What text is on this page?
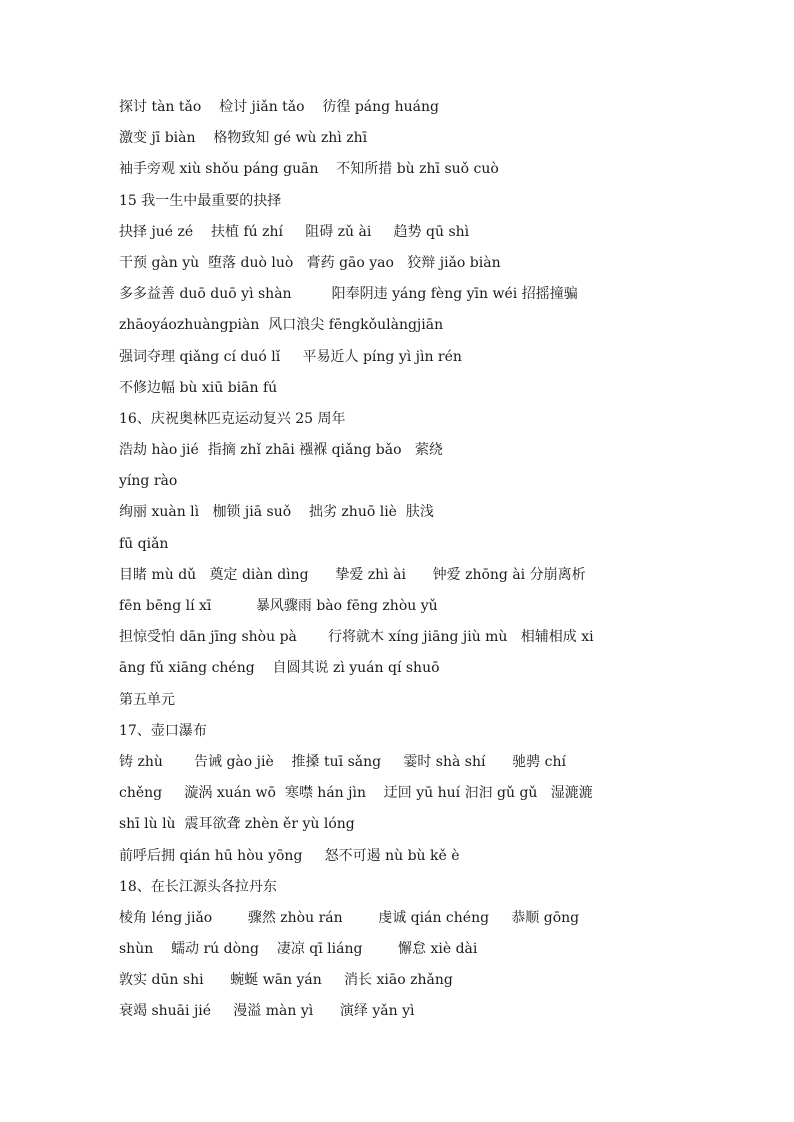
探讨 tàn tǎo    检讨 jiǎn tǎo    彷徨 páng huáng
激变 jī biàn    格物致知 gé wù zhì zhī
袖手旁观 xiù shǒu páng guān    不知所措 bù zhī suǒ cuò
15 我一生中最重要的抉择
抉择 jué zé    扶植 fú zhí     阻碍 zǔ ài     趋势 qū shì
干预 gàn yù  堕落 duò luò   膏药 gāo yao   狡辩 jiǎo biàn
多多益善 duō duō yì shàn         阳奉阴违 yáng fèng yīn wéi 招摇撞骗
zhāoyáozhuàngpiàn  风口浪尖 fēngkǒulàngjiān
强词夺理 qiǎng cí duó lǐ     平易近人 píng yì jìn rén
不修边幅 bù xiū biān fú
16、庆祝奥林匹克运动复兴 25 周年
浩劫 hào jié  指摘 zhǐ zhāi 襁褓 qiǎng bǎo   萦绕
yíng rào
绚丽 xuàn lì   枷锁 jiā suǒ    拙劣 zhuō liè  肤浅
fū qiǎn
目睹 mù dǔ   奠定 diàn dìng      挚爱 zhì ài      钟爱 zhōng ài 分崩离析
fēn bēng lí xī          暴风骤雨 bào fēng zhòu yǔ
担惊受怕 dān jīng shòu pà       行将就木 xíng jiāng jiù mù   相辅相成 xi
āng fǔ xiāng chéng    自圆其说 zì yuán qí shuō
第五单元
17、壶口瀑布
铸 zhù       告诫 gào jiè    推搡 tuī sǎng     霎时 shà shí      驰骋 chí
chěng     漩涡 xuán wō  寒噤 hán jìn    迂回 yū huí 汩汩 gǔ gǔ   湿漉漉
shī lù lù  震耳欲聋 zhèn ěr yù lóng
前呼后拥 qián hū hòu yōng     怒不可遏 nù bù kě è
18、在长江源头各拉丹东
棱角 léng jiǎo        骤然 zhòu rán        虔诚 qián chéng     恭顺 gōng
shùn    蠕动 rú dòng    凄凉 qī liáng        懈怠 xiè dài
敦实 dūn shi      蜿蜒 wān yán     消长 xiāo zhǎng
衰竭 shuāi jié     漫溢 màn yì      演绎 yǎn yì
